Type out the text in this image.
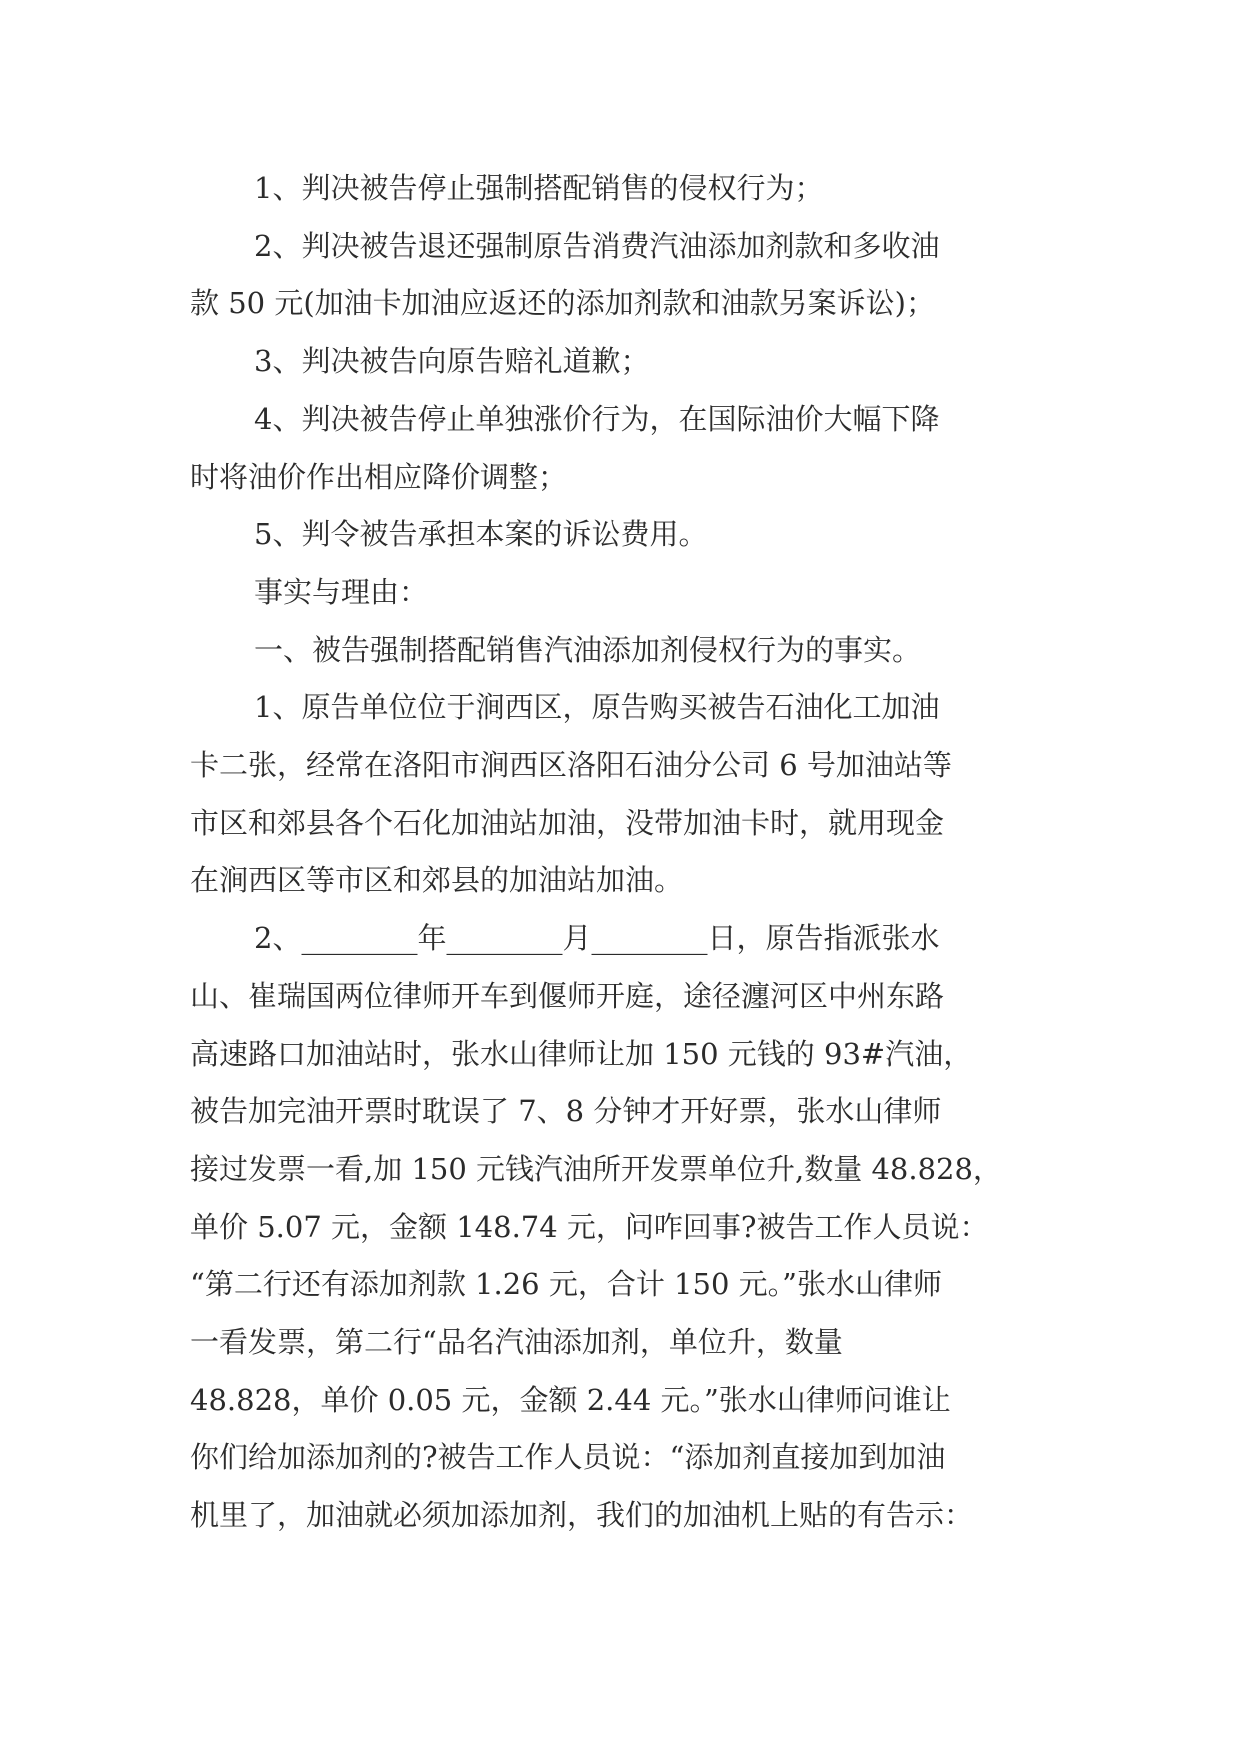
1、判决被告停止强制搭配销售的侵权行为；

2、判决被告退还强制原告消费汽油添加剂款和多收油
款 50 元(加油卡加油应返还的添加剂款和油款另案诉讼)；

3、判决被告向原告赔礼道歉；

4、判决被告停止单独涨价行为，在国际油价大幅下降
时将油价作出相应降价调整；

5、判令被告承担本案的诉讼费用。

事实与理由：

一、被告强制搭配销售汽油添加剂侵权行为的事实。

1、原告单位位于涧西区，原告购买被告石油化工加油
卡二张，经常在洛阳市涧西区洛阳石油分公司 6 号加油站等
市区和郊县各个石化加油站加油，没带加油卡时，就用现金
在涧西区等市区和郊县的加油站加油。

2、________年________月________日，原告指派张水
山、崔瑞国两位律师开车到偃师开庭，途径瀍河区中州东路
高速路口加油站时，张水山律师让加 150 元钱的 93#汽油，
被告加完油开票时耽误了 7、8 分钟才开好票，张水山律师
接过发票一看,加 150 元钱汽油所开发票单位升,数量 48.828，
单价 5.07 元，金额 148.74 元，问咋回事?被告工作人员说：
“第二行还有添加剂款 1.26 元，合计 150 元。”张水山律师
一看发票，第二行“品名汽油添加剂，单位升，数量
48.828，单价 0.05 元，金额 2.44 元。”张水山律师问谁让
你们给加添加剂的?被告工作人员说：“添加剂直接加到加油
机里了，加油就必须加添加剂，我们的加油机上贴的有告示：
